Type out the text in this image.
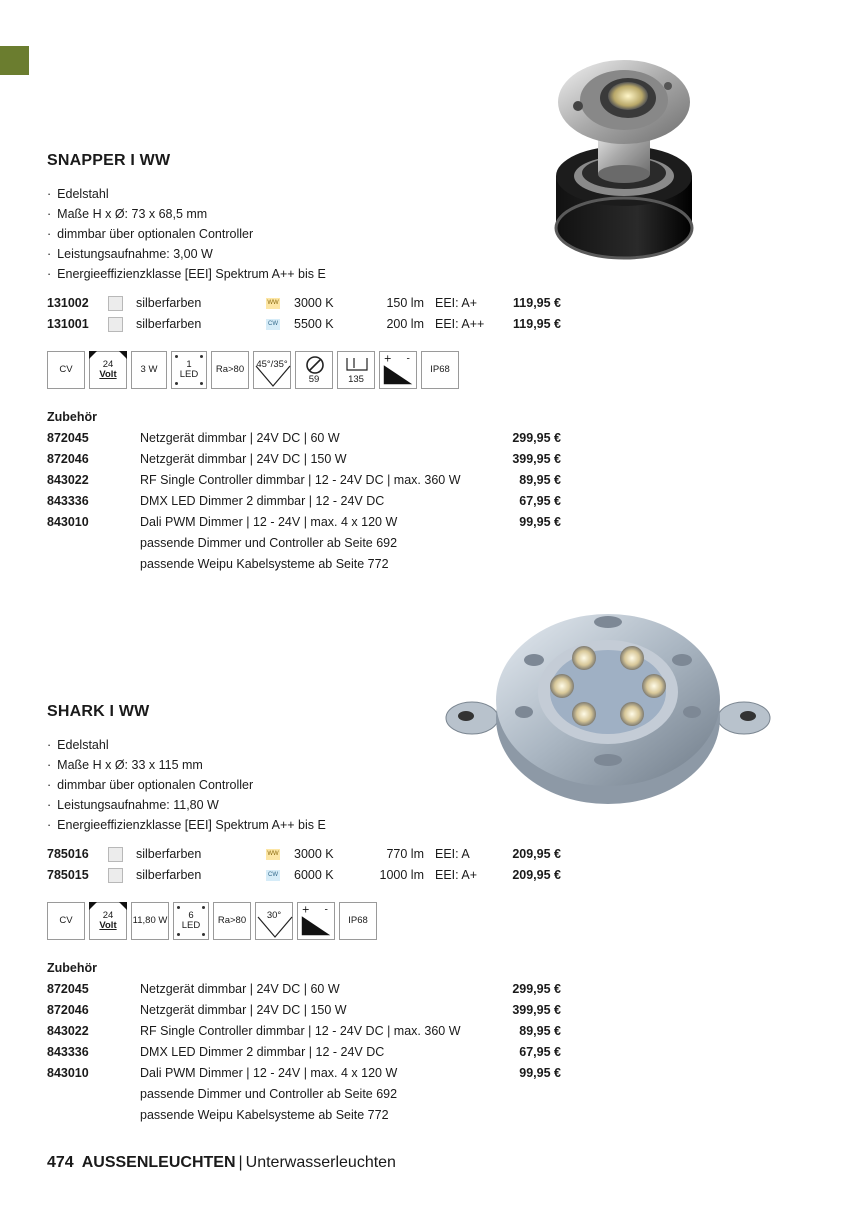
SNAPPER I WW
· Edelstahl
· Maße H x Ø: 73 x 68,5 mm
· dimmbar über optionalen Controller
· Leistungsaufnahme: 3,00 W
· Energieeffizienzklasse [EEI] Spektrum A++ bis E
131002	silberfarben	WW 3000 K	150 lm EEI: A+	119,95 €
131001	silberfarben	CW 5500 K	200 lm EEI: A++	119,95 €
CV	24
Volt	3 W	1
LED Ra>80 45°/35°
59	135
+ -
IP68
Zubehör
872045	Netzgerät dimmbar | 24V DC | 60 W	299,95 €
872046	Netzgerät dimmbar | 24V DC | 150 W	399,95 €
843022	RF Single Controller dimmbar | 12 - 24V DC | max. 360 W	89,95 €
843336	DMX LED Dimmer 2 dimmbar | 12 - 24V DC	67,95 €
843010	Dali PWM Dimmer | 12 - 24V | max. 4 x 120 W	99,95 €
passende Dimmer und Controller ab Seite 692
passende Weipu Kabelsysteme ab Seite 772
SHARK I WW
· Edelstahl
· Maße H x Ø: 33 x 115 mm
· dimmbar über optionalen Controller
· Leistungsaufnahme: 11,80 W
· Energieeffizienzklasse [EEI] Spektrum A++ bis E
785016	silberfarben	WW 3000 K	770 lm EEI: A	209,95 €
785015	silberfarben	CW 6000 K	1000 lm EEI: A+	209,95 €
CV	24
Volt 11,80 W 6
LED Ra>80 30°
+ -
IP68
Zubehör
872045	Netzgerät dimmbar | 24V DC | 60 W	299,95 €
872046	Netzgerät dimmbar | 24V DC | 150 W	399,95 €
843022	RF Single Controller dimmbar | 12 - 24V DC | max. 360 W	89,95 €
843336	DMX LED Dimmer 2 dimmbar | 12 - 24V DC	67,95 €
843010	Dali PWM Dimmer | 12 - 24V | max. 4 x 120 W	99,95 €
passende Dimmer und Controller ab Seite 692
passende Weipu Kabelsysteme ab Seite 772
474 AUSSENLEUCHTEN | Unterwasserleuchten
